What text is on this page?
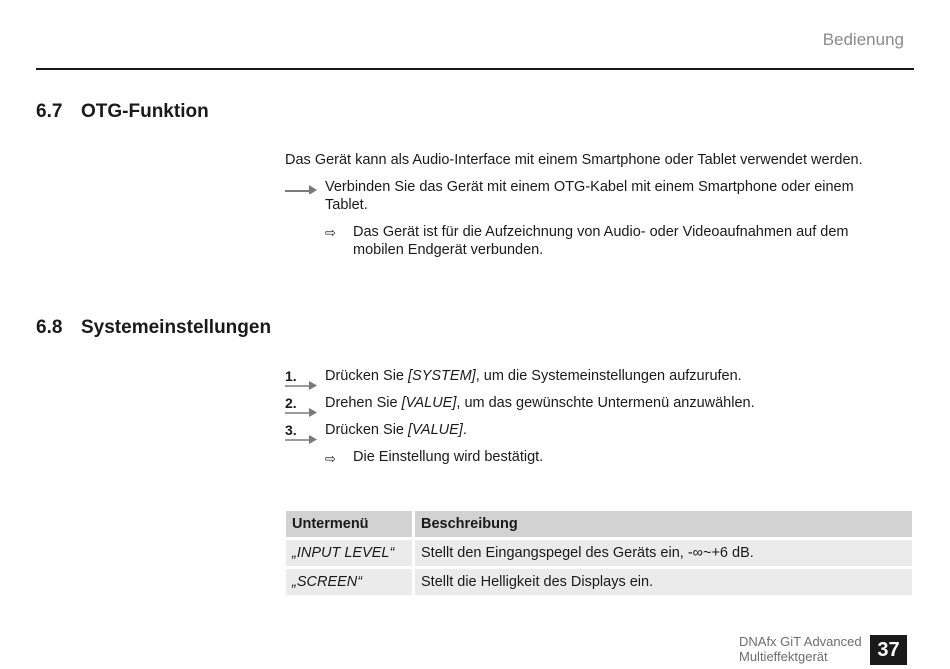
Bedienung
6.7 OTG-Funktion
Das Gerät kann als Audio-Interface mit einem Smartphone oder Tablet verwendet werden.
Verbinden Sie das Gerät mit einem OTG-Kabel mit einem Smartphone oder einem
Tablet.
⇨ Das Gerät ist für die Aufzeichnung von Audio- oder Videoaufnahmen auf dem
mobilen Endgerät verbunden.
6.8 Systemeinstellungen
1. Drücken Sie [SYSTEM], um die Systemeinstellungen aufzurufen.
2. Drehen Sie [VALUE], um das gewünschte Untermenü anzuwählen.
3. Drücken Sie [VALUE].
⇨ Die Einstellung wird bestätigt.
Untermenü		Beschreibung
„INPUT LEVEL“		Stellt den Eingangspegel des Geräts ein, -∞~+6 dB.
„SCREEN“		Stellt die Helligkeit des Displays ein.
DNAfx GiT Advanced
Multieffektgerät	37
